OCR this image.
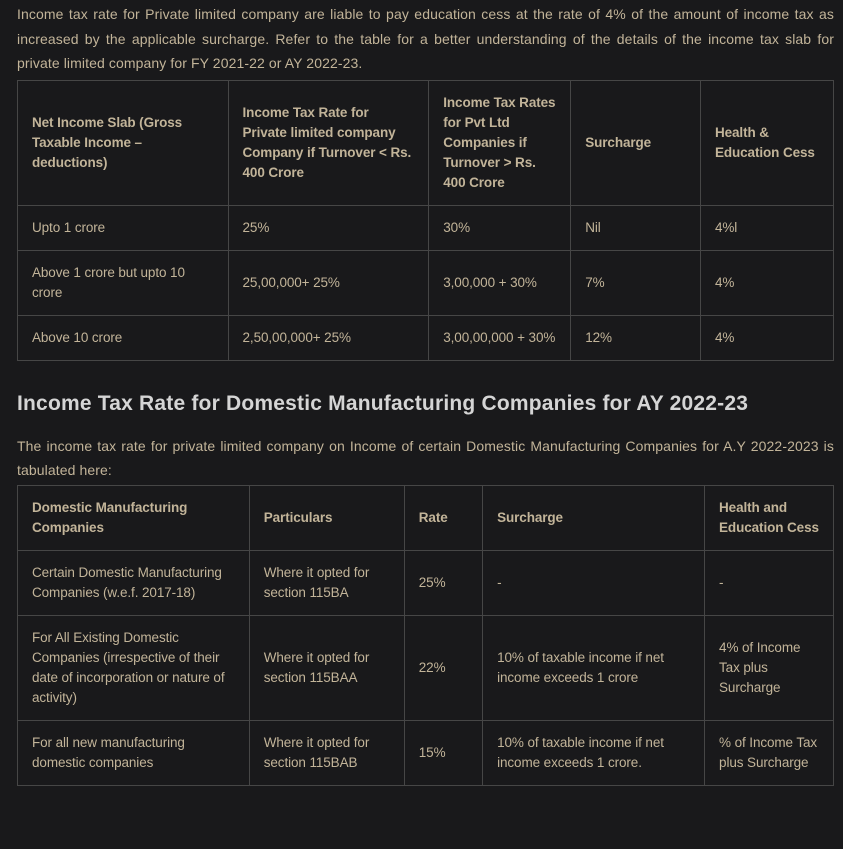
Income tax rate for Private limited company are liable to pay education cess at the rate of 4% of the amount of income tax as increased by the applicable surcharge. Refer to the table for a better understanding of the details of the income tax slab for private limited company for FY 2021-22 or AY 2022-23.

Net Income Slab (Gross Taxable Income – deductions)	Income Tax Rate for Private limited company Company if Turnover < Rs. 400 Crore	Income Tax Rates for Pvt Ltd Companies if Turnover > Rs. 400 Crore	Surcharge	Health & Education Cess
Upto 1 crore	25%	30%	Nil	4%l
Above 1 crore but upto 10 crore	25,00,000+ 25%	3,00,000 + 30%	7%	4%
Above 10 crore	2,50,00,000+ 25%	3,00,00,000 + 30%	12%	4%
Income Tax Rate for Domestic Manufacturing Companies for AY 2022-23

The income tax rate for private limited company on Income of certain Domestic Manufacturing Companies for A.Y 2022-2023 is tabulated here:

Domestic Manufacturing Companies	Particulars	Rate	Surcharge	Health and Education Cess
Certain Domestic Manufacturing Companies (w.e.f. 2017-18)	Where it opted for section 115BA	25%	-	-
For All Existing Domestic Companies (irrespective of their date of incorporation or nature of activity)	Where it opted for section 115BAA	22%	10% of taxable income if net income exceeds 1 crore	4% of Income Tax plus Surcharge
For all new manufacturing domestic companies	Where it opted for section 115BAB	15%	10% of taxable income if net income exceeds 1 crore.	% of Income Tax plus Surcharge
